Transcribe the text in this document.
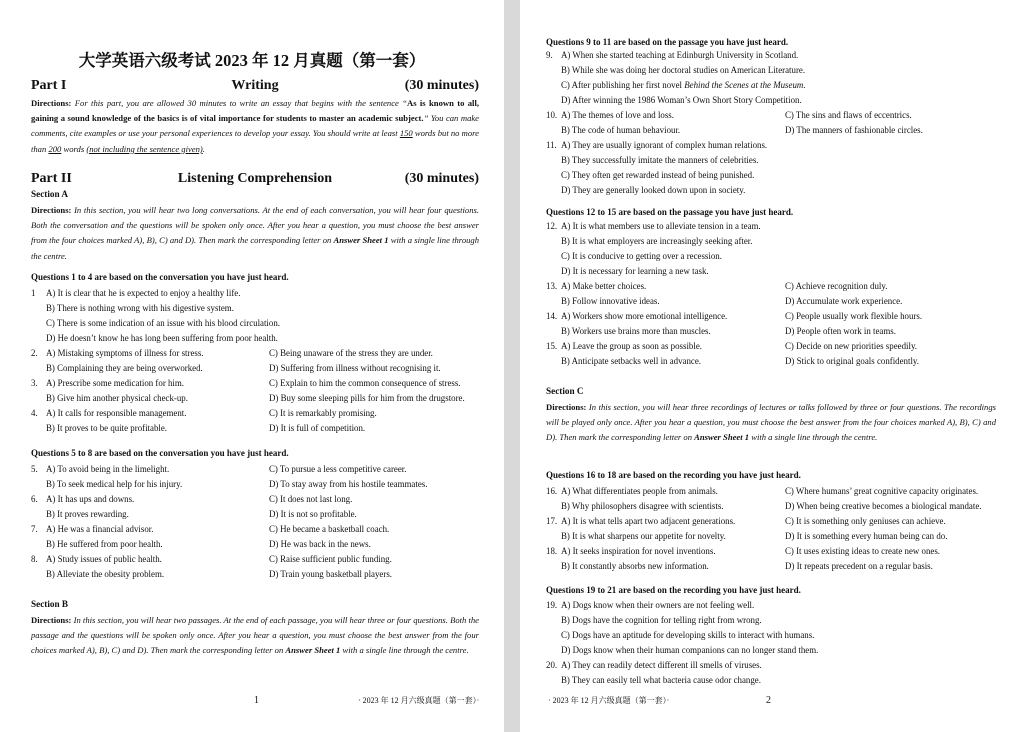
大学英语六级考试 2023 年 12 月真题（第一套）
Part I	Writing	(30 minutes)
Directions: For this part, you are allowed 30 minutes to write an essay that begins with the sentence “As is known to all, gaining a sound knowledge of the basics is of vital importance for students to master an academic subject.” You can make comments, cite examples or use your personal experiences to develop your essay. You should write at least 150 words but no more than 200 words (not including the sentence given).
Part II	Listening Comprehension	(30 minutes)
Section A
Directions: In this section, you will hear two long conversations. At the end of each conversation, you will hear four questions. Both the conversation and the questions will be spoken only once. After you hear a question, you must choose the best answer from the four choices marked A), B), C) and D). Then mark the corresponding letter on Answer Sheet 1 with a single line through the centre.
Questions 1 to 4 are based on the conversation you have just heard.
1 A) It is clear that he is expected to enjoy a healthy life.
B) There is nothing wrong with his digestive system.
C) There is some indication of an issue with his blood circulation.
D) He doesn’t know he has long been suffering from poor health.
2. A) Mistaking symptoms of illness for stress.	C) Being unaware of the stress they are under.
B) Complaining they are being overworked.	D) Suffering from illness without recognising it.
3. A) Prescribe some medication for him.	C) Explain to him the common consequence of stress.
B) Give him another physical check-up.	D) Buy some sleeping pills for him from the drugstore.
4. A) It calls for responsible management.	C) It is remarkably promising.
B) It proves to be quite profitable.	D) It is full of competition.
Questions 5 to 8 are based on the conversation you have just heard.
5. A) To avoid being in the limelight.	C) To pursue a less competitive career.
B) To seek medical help for his injury.	D) To stay away from his hostile teammates.
6. A) It has ups and downs.	C) It does not last long.
B) It proves rewarding.	D) It is not so profitable.
7. A) He was a financial advisor.	C) He became a basketball coach.
B) He suffered from poor health.	D) He was back in the news.
8. A) Study issues of public health.	C) Raise sufficient public funding.
B) Alleviate the obesity problem.	D) Train young basketball players.
Section B
Directions: In this section, you will hear two passages. At the end of each passage, you will hear three or four questions. Both the passage and the questions will be spoken only once. After you hear a question, you must choose the best answer from the four choices marked A), B), C) and D). Then mark the corresponding letter on Answer Sheet 1 with a single line through the centre.
1	· 2023 年 12 月六级真题（第一套）·
Questions 9 to 11 are based on the passage you have just heard.
9. A) When she started teaching at Edinburgh University in Scotland.
B) While she was doing her doctoral studies on American Literature.
C) After publishing her first novel Behind the Scenes at the Museum.
D) After winning the 1986 Woman’s Own Short Story Competition.
10. A) The themes of love and loss.	C) The sins and flaws of eccentrics.
B) The code of human behaviour.	D) The manners of fashionable circles.
11. A) They are usually ignorant of complex human relations.
B) They successfully imitate the manners of celebrities.
C) They often get rewarded instead of being punished.
D) They are generally looked down upon in society.
Questions 12 to 15 are based on the passage you have just heard.
12. A) It is what members use to alleviate tension in a team.
B) It is what employers are increasingly seeking after.
C) It is conducive to getting over a recession.
D) It is necessary for learning a new task.
13. A) Make better choices.	C) Achieve recognition duly.
B) Follow innovative ideas.	D) Accumulate work experience.
14. A) Workers show more emotional intelligence.	C) People usually work flexible hours.
B) Workers use brains more than muscles.	D) People often work in teams.
15. A) Leave the group as soon as possible.	C) Decide on new priorities speedily.
B) Anticipate setbacks well in advance.	D) Stick to original goals confidently.
Section C
Directions: In this section, you will hear three recordings of lectures or talks followed by three or four questions. The recordings will be played only once. After you hear a question, you must choose the best answer from the four choices marked A), B), C) and D). Then mark the corresponding letter on Answer Sheet 1 with a single line through the centre.
Questions 16 to 18 are based on the recording you have just heard.
16. A) What differentiates people from animals.	C) Where humans’ great cognitive capacity originates.
B) Why philosophers disagree with scientists.	D) When being creative becomes a biological mandate.
17. A) It is what tells apart two adjacent generations.	C) It is something only geniuses can achieve.
B) It is what sharpens our appetite for novelty.	D) It is something every human being can do.
18. A) It seeks inspiration for novel inventions.	C) It uses existing ideas to create new ones.
B) It constantly absorbs new information.	D) It repeats precedent on a regular basis.
Questions 19 to 21 are based on the recording you have just heard.
19. A) Dogs know when their owners are not feeling well.
B) Dogs have the cognition for telling right from wrong.
C) Dogs have an aptitude for developing skills to interact with humans.
D) Dogs know when their human companions can no longer stand them.
20. A) They can readily detect different ill smells of viruses.
B) They can easily tell what bacteria cause odor change.
· 2023 年 12 月六级真题（第一套）·	2
